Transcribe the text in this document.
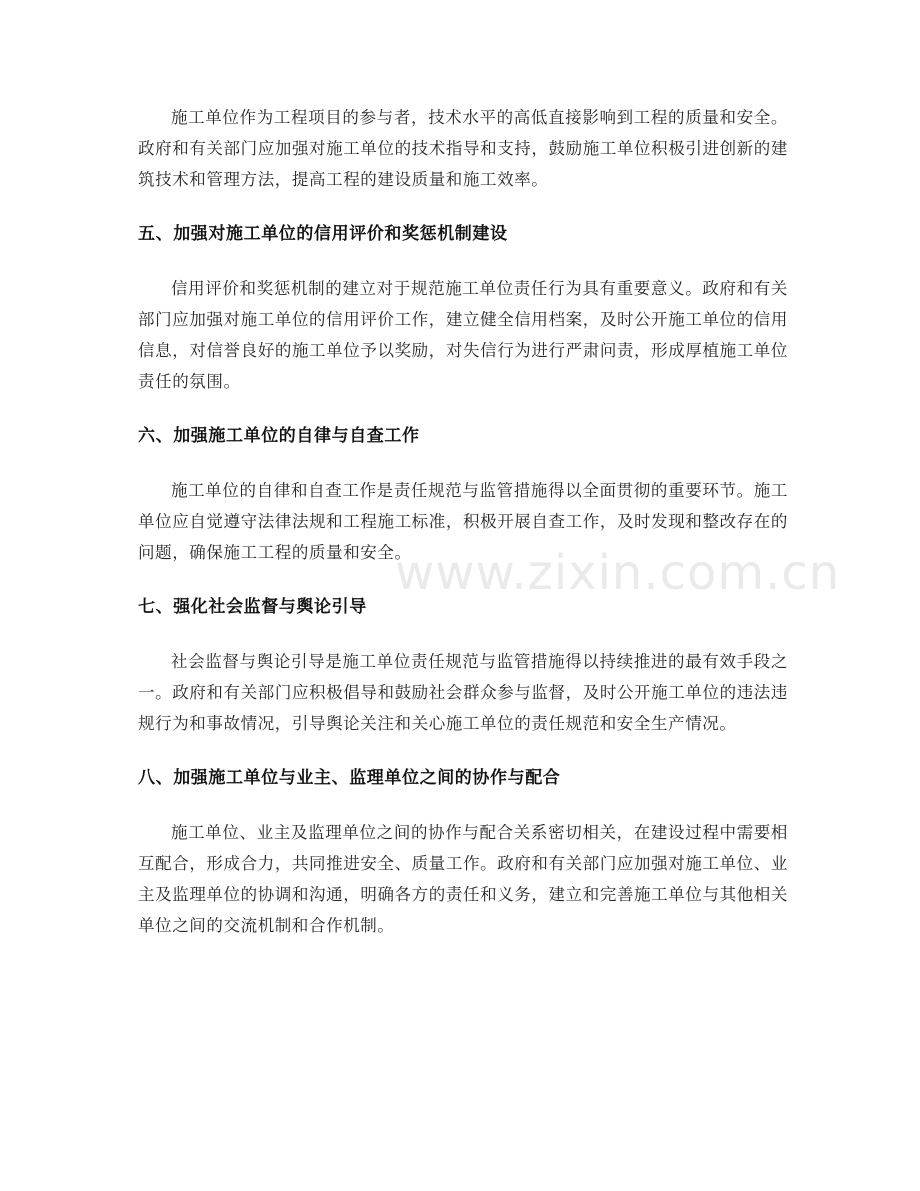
施工单位作为工程项目的参与者，技术水平的高低直接影响到工程的质量和安全。政府和有关部门应加强对施工单位的技术指导和支持，鼓励施工单位积极引进创新的建筑技术和管理方法，提高工程的建设质量和施工效率。

五、加强对施工单位的信用评价和奖惩机制建设

信用评价和奖惩机制的建立对于规范施工单位责任行为具有重要意义。政府和有关部门应加强对施工单位的信用评价工作，建立健全信用档案，及时公开施工单位的信用信息，对信誉良好的施工单位予以奖励，对失信行为进行严肃问责，形成厚植施工单位责任的氛围。

六、加强施工单位的自律与自查工作

施工单位的自律和自查工作是责任规范与监管措施得以全面贯彻的重要环节。施工单位应自觉遵守法律法规和工程施工标准，积极开展自查工作，及时发现和整改存在的问题，确保施工工程的质量和安全。

七、强化社会监督与舆论引导

社会监督与舆论引导是施工单位责任规范与监管措施得以持续推进的最有效手段之一。政府和有关部门应积极倡导和鼓励社会群众参与监督，及时公开施工单位的违法违规行为和事故情况，引导舆论关注和关心施工单位的责任规范和安全生产情况。

八、加强施工单位与业主、监理单位之间的协作与配合

施工单位、业主及监理单位之间的协作与配合关系密切相关，在建设过程中需要相互配合，形成合力，共同推进安全、质量工作。政府和有关部门应加强对施工单位、业主及监理单位的协调和沟通，明确各方的责任和义务，建立和完善施工单位与其他相关单位之间的交流机制和合作机制。

www.zixin.com.cn
